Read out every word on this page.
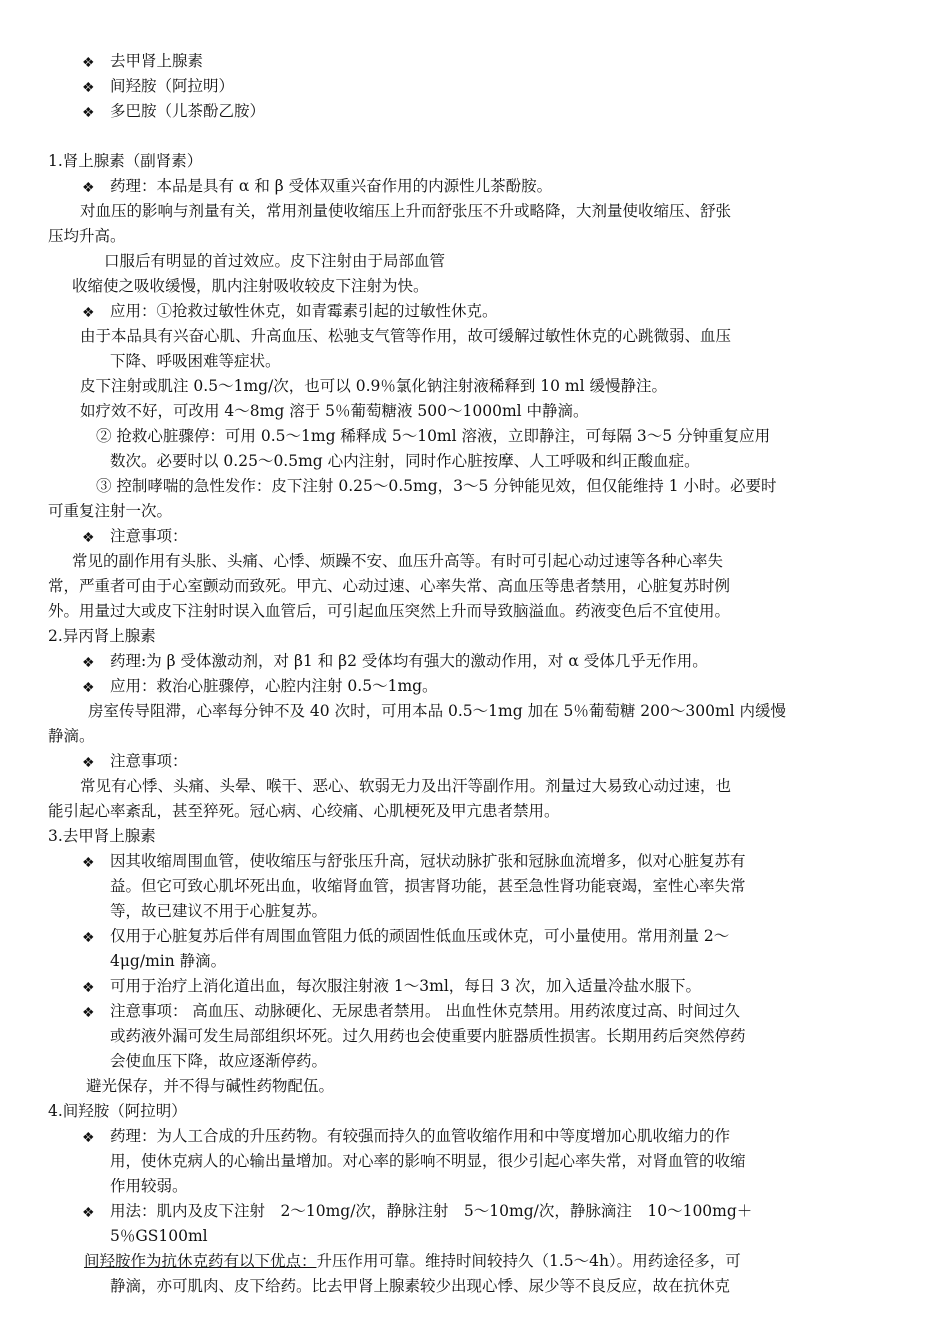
❖ 去甲肾上腺素
❖ 间羟胺（阿拉明）
❖ 多巴胺（儿茶酚乙胺）
1.肾上腺素（副肾素）
❖ 药理：本品是具有 α 和 β 受体双重兴奋作用的内源性儿茶酚胺。
对血压的影响与剂量有关，常用剂量使收缩压上升而舒张压不升或略降，大剂量使收缩压、舒张
压均升高。
口服后有明显的首过效应。皮下注射由于局部血管
收缩使之吸收缓慢，肌内注射吸收较皮下注射为快。
❖ 应用：①抢救过敏性休克，如青霉素引起的过敏性休克。
由于本品具有兴奋心肌、升高血压、松驰支气管等作用，故可缓解过敏性休克的心跳微弱、血压
下降、呼吸困难等症状。
皮下注射或肌注 0.5～1mg/次，也可以 0.9％氯化钠注射液稀释到 10 ml 缓慢静注。
如疗效不好，可改用 4～8mg 溶于 5％葡萄糖液 500～1000ml 中静滴。
② 抢救心脏骤停：可用 0.5～1mg 稀释成 5～10ml 溶液，立即静注，可每隔 3～5 分钟重复应用
数次。必要时以 0.25～0.5mg 心内注射，同时作心脏按摩、人工呼吸和纠正酸血症。
③ 控制哮喘的急性发作：皮下注射 0.25～0.5mg，3～5 分钟能见效，但仅能维持 1 小时。必要时
可重复注射一次。
❖ 注意事项：
常见的副作用有头胀、头痛、心悸、烦躁不安、血压升高等。有时可引起心动过速等各种心率失
常，严重者可由于心室颤动而致死。甲亢、心动过速、心率失常、高血压等患者禁用，心脏复苏时例
外。用量过大或皮下注射时误入血管后，可引起血压突然上升而导致脑溢血。药液变色后不宜使用。
2.异丙肾上腺素
❖ 药理:为 β 受体激动剂，对 β1 和 β2 受体均有强大的激动作用，对 α 受体几乎无作用。
❖ 应用：救治心脏骤停，心腔内注射 0.5～1mg。
房室传导阻滞，心率每分钟不及 40 次时，可用本品 0.5～1mg 加在 5％葡萄糖 200～300ml 内缓慢
静滴。
❖ 注意事项：
常见有心悸、头痛、头晕、喉干、恶心、软弱无力及出汗等副作用。剂量过大易致心动过速，也
能引起心率紊乱，甚至猝死。冠心病、心绞痛、心肌梗死及甲亢患者禁用。
3.去甲肾上腺素
❖ 因其收缩周围血管，使收缩压与舒张压升高，冠状动脉扩张和冠脉血流增多，似对心脏复苏有
益。但它可致心肌坏死出血，收缩肾血管，损害肾功能，甚至急性肾功能衰竭，室性心率失常
等，故已建议不用于心脏复苏。
❖ 仅用于心脏复苏后伴有周围血管阻力低的顽固性低血压或休克，可小量使用。常用剂量 2～
4μg/min 静滴。
❖ 可用于治疗上消化道出血，每次服注射液 1～3ml，每日 3 次，加入适量冷盐水服下。
❖ 注意事项： 高血压、动脉硬化、无尿患者禁用。 出血性休克禁用。用药浓度过高、时间过久
或药液外漏可发生局部组织坏死。过久用药也会使重要内脏器质性损害。长期用药后突然停药
会使血压下降，故应逐渐停药。
避光保存，并不得与碱性药物配伍。
4.间羟胺（阿拉明）
❖ 药理：为人工合成的升压药物。有较强而持久的血管收缩作用和中等度增加心肌收缩力的作
用，使休克病人的心输出量增加。对心率的影响不明显，很少引起心率失常，对肾血管的收缩
作用较弱。
❖ 用法：肌内及皮下注射　2～10mg/次，静脉注射　5～10mg/次，静脉滴注　10～100mg＋
5％GS100ml
间羟胺作为抗休克药有以下优点：升压作用可靠。维持时间较持久（1.5～4h）。用药途径多，可
静滴，亦可肌肉、皮下给药。比去甲肾上腺素较少出现心悸、尿少等不良反应，故在抗休克
